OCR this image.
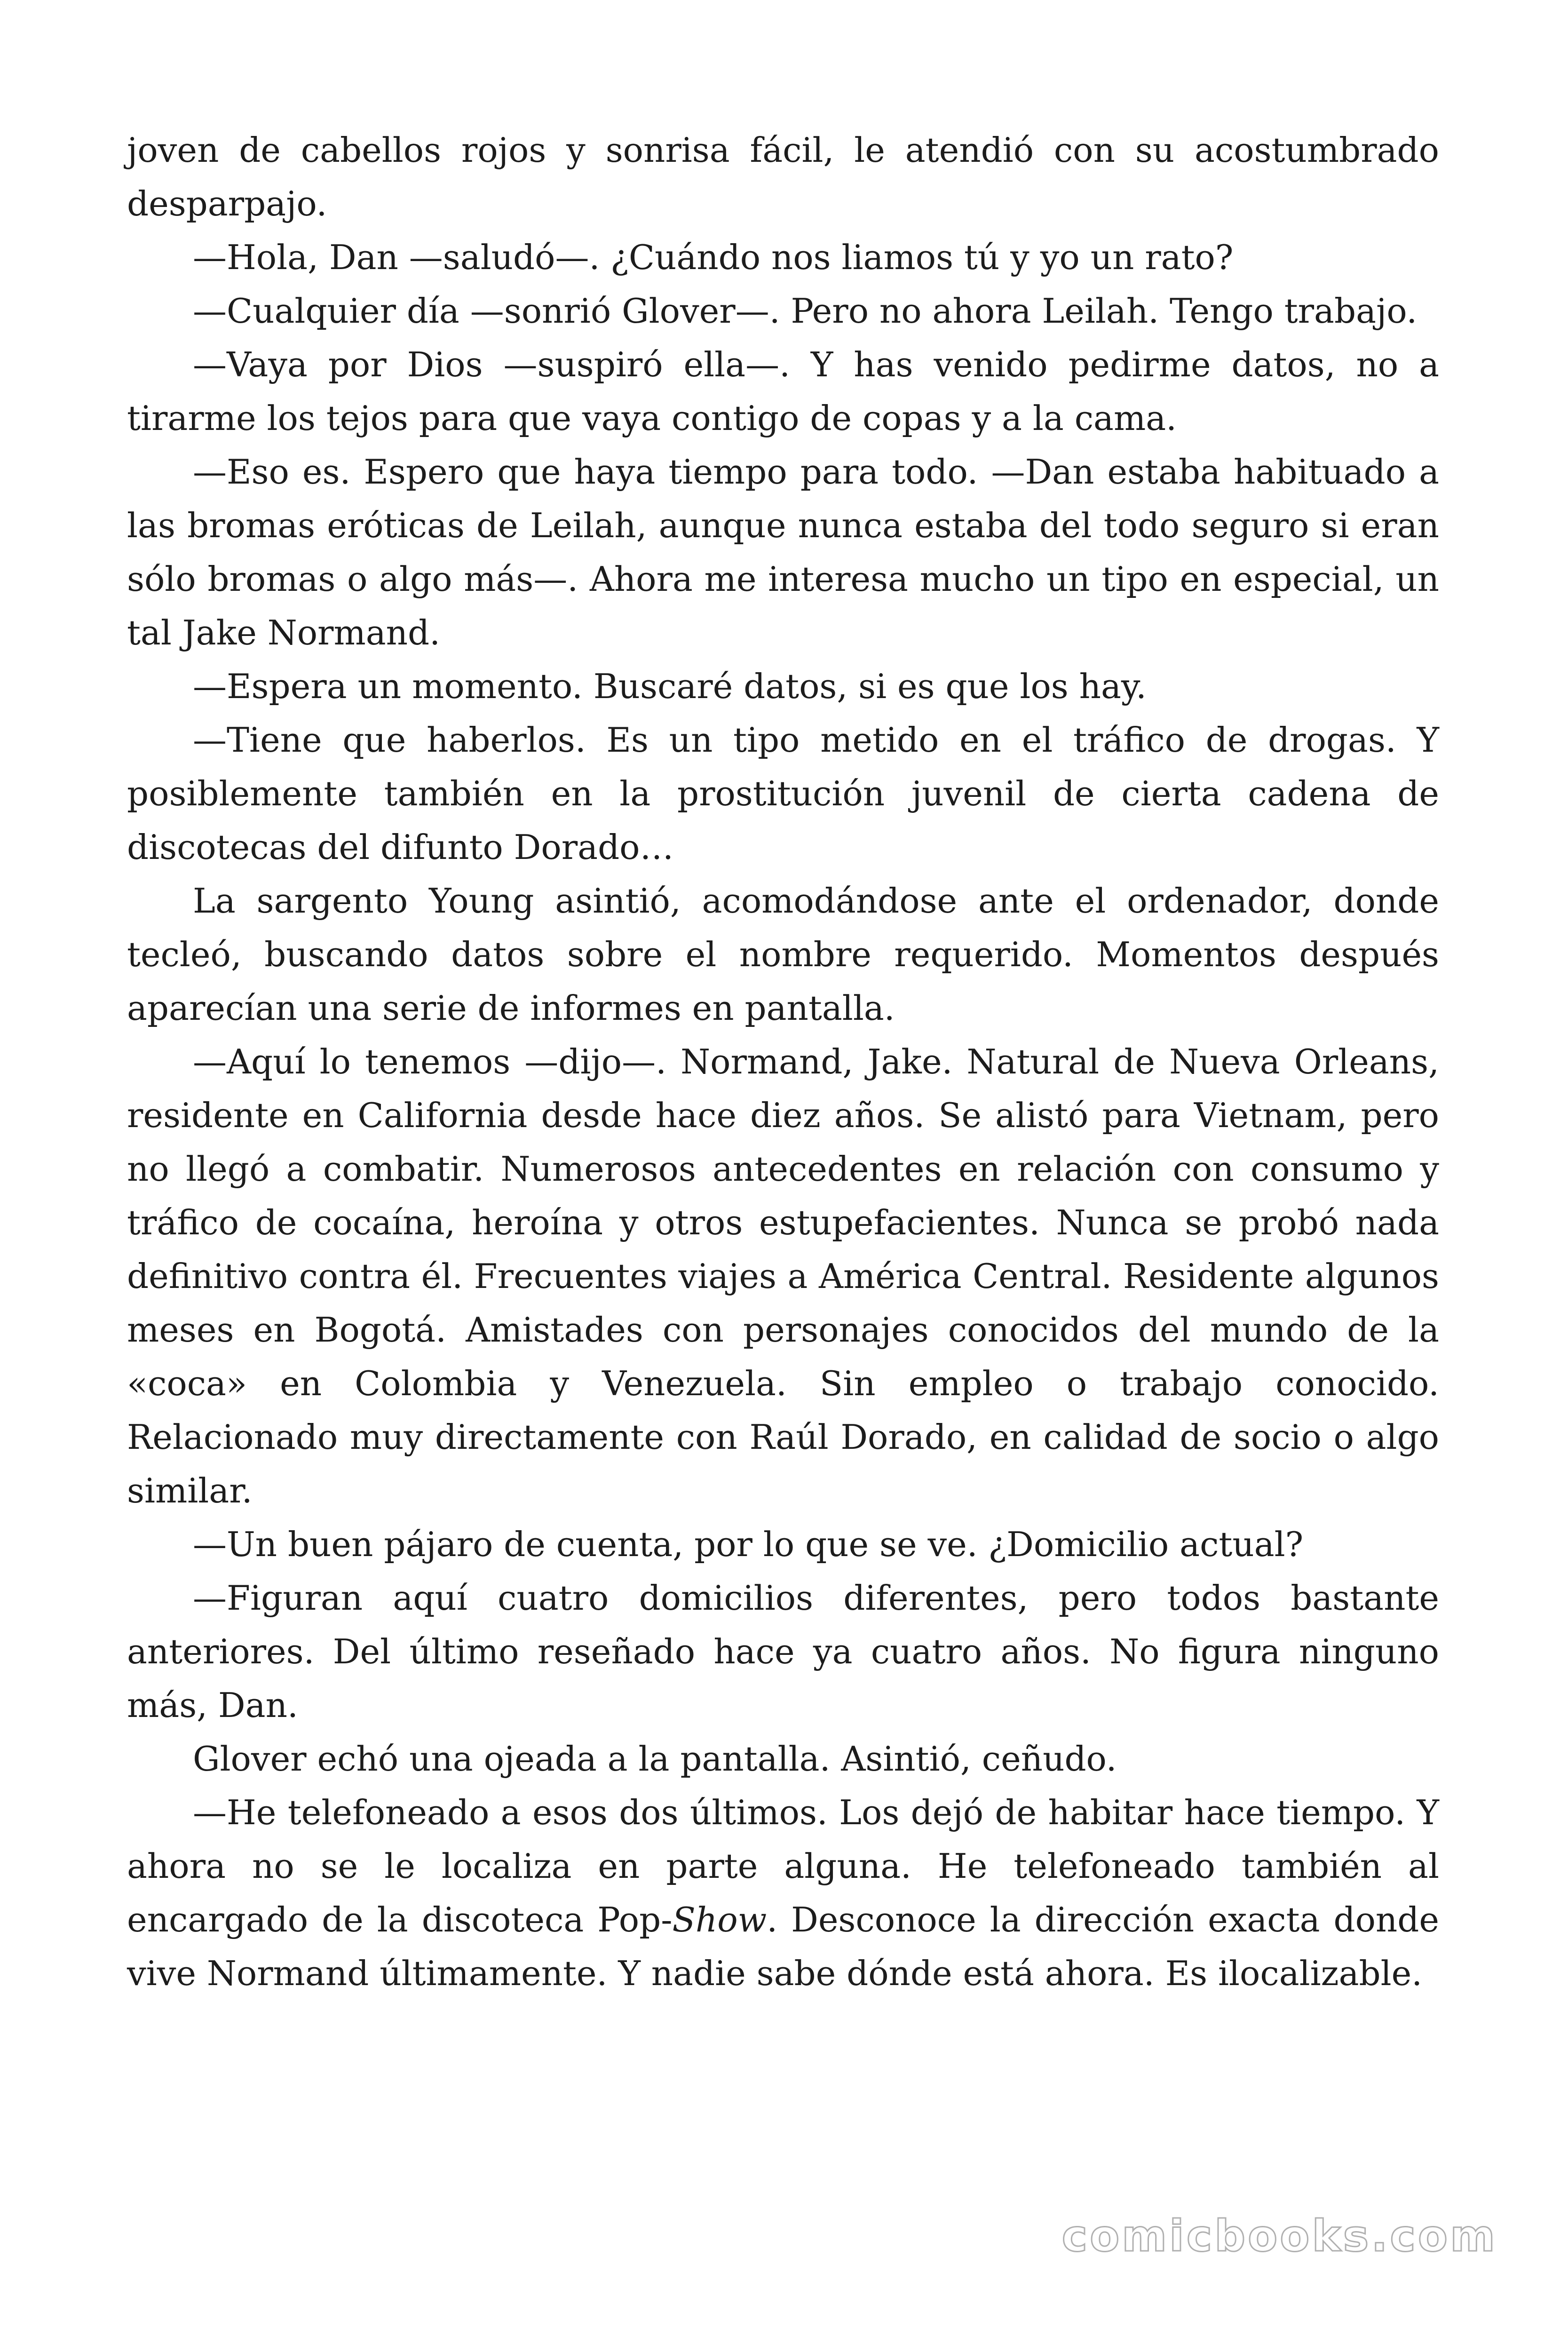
joven de cabellos rojos y sonrisa fácil, le atendió con su acostumbrado desparpajo.

—Hola, Dan —saludó—. ¿Cuándo nos liamos tú y yo un rato?

—Cualquier día —sonrió Glover—. Pero no ahora Leilah. Tengo trabajo.

—Vaya por Dios —suspiró ella—. Y has venido pedirme datos, no a tirarme los tejos para que vaya contigo de copas y a la cama.

—Eso es. Espero que haya tiempo para todo. —Dan estaba habituado a las bromas eróticas de Leilah, aunque nunca estaba del todo seguro si eran sólo bromas o algo más—. Ahora me interesa mucho un tipo en especial, un tal Jake Normand.

—Espera un momento. Buscaré datos, si es que los hay.

—Tiene que haberlos. Es un tipo metido en el tráfico de drogas. Y posiblemente también en la prostitución juvenil de cierta cadena de discotecas del difunto Dorado…

La sargento Young asintió, acomodándose ante el ordenador, donde tecleó, buscando datos sobre el nombre requerido. Momentos después aparecían una serie de informes en pantalla.

—Aquí lo tenemos —dijo—. Normand, Jake. Natural de Nueva Orleans, residente en California desde hace diez años. Se alistó para Vietnam, pero no llegó a combatir. Numerosos antecedentes en relación con consumo y tráfico de cocaína, heroína y otros estupefacientes. Nunca se probó nada definitivo contra él. Frecuentes viajes a América Central. Residente algunos meses en Bogotá. Amistades con personajes conocidos del mundo de la «coca» en Colombia y Venezuela. Sin empleo o trabajo conocido. Relacionado muy directamente con Raúl Dorado, en calidad de socio o algo similar.

—Un buen pájaro de cuenta, por lo que se ve. ¿Domicilio actual?

—Figuran aquí cuatro domicilios diferentes, pero todos bastante anteriores. Del último reseñado hace ya cuatro años. No figura ninguno más, Dan.

Glover echó una ojeada a la pantalla. Asintió, ceñudo.

—He telefoneado a esos dos últimos. Los dejó de habitar hace tiempo. Y ahora no se le localiza en parte alguna. He telefoneado también al encargado de la discoteca Pop-Show. Desconoce la dirección exacta donde vive Normand últimamente. Y nadie sabe dónde está ahora. Es ilocalizable.

comicbooks.com
